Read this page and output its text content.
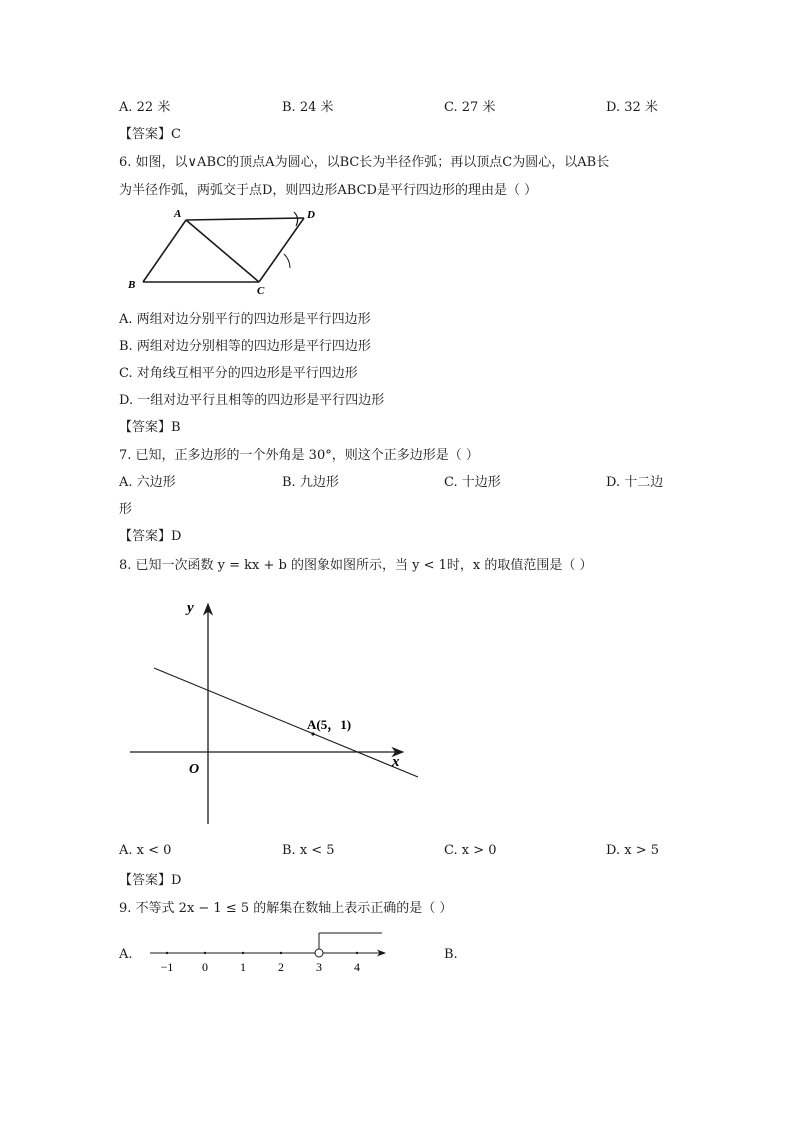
A. 22 米	B. 24 米	C. 27 米	D. 32 米
【答案】C
6. 如图，以∨ABC的顶点A为圆心，以BC长为半径作弧；再以顶点C为圆心，以AB长
为半径作弧，两弧交于点D，则四边形ABCD是平行四边形的理由是（ ）
A
B	C
D
A. 两组对边分别平行的四边形是平行四边形
B. 两组对边分别相等的四边形是平行四边形
C. 对角线互相平分的四边形是平行四边形
D. 一组对边平行且相等的四边形是平行四边形
【答案】B
7. 已知，正多边形的一个外角是 30°，则这个正多边形是（ ）
A. 六边形	B. 九边形	C. 十边形	D. 十二边
形
【答案】D
8. 已知一次函数 y = kx + b 的图象如图所示，当 y < 1时，x 的取值范围是（ ）
y
x
O
A(5，1)
A. x < 0	B. x < 5	C. x > 0	D. x > 5
【答案】D
9. 不等式 2x − 1 ≤ 5 的解集在数轴上表示正确的是（ ）
A.
−1 0	1	2	3	4
B.
